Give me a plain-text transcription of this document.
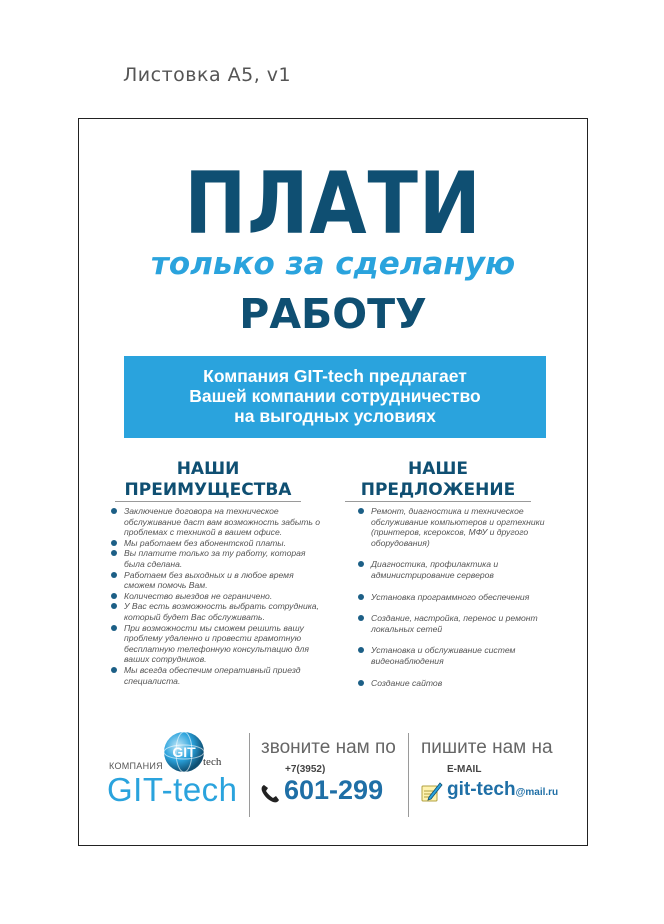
Листовка А5, v1
ПЛАТИ
только за сделаную
РАБОТУ
Компания GIT-tech предлагает
Вашей компании сотрудничество
на выгодных условиях
НАШИ
ПРЕИМУЩЕСТВА
НАШЕ
ПРЕДЛОЖЕНИЕ
Заключение договора на техническое обслуживание даст вам возможность забыть о проблемах с техникой в вашем офисе.
Мы работаем без абонентской платы.
Вы платите только за ту работу, которая была сделана.
Работаем без выходных и в любое время сможем помочь Вам.
Количество выездов не ограничено.
У Вас есть возможность выбрать сотрудника, который будет Вас обслуживать.
При возможности мы сможем решить вашу проблему удаленно и провести грамотную бесплатную телефонную консультацию для ваших сотрудников.
Мы всегда обеспечим оперативный приезд специалиста.
Ремонт, диагностика и техническое обслуживание компьютеров и оргтехники (принтеров, ксероксов, МФУ и другого оборудования)
Диагностика, профилактика и администрирование серверов
Установка программного обеспечения
Создание, настройка, перенос и ремонт локальных сетей
Установка и обслуживание систем видеонаблюдения
Создание сайтов
КОМПАНИЯ
GIT
tech
GIT-tech
звоните нам по
+7(3952)
601-299
пишите нам на
E-MAIL
git-tech@mail.ru
